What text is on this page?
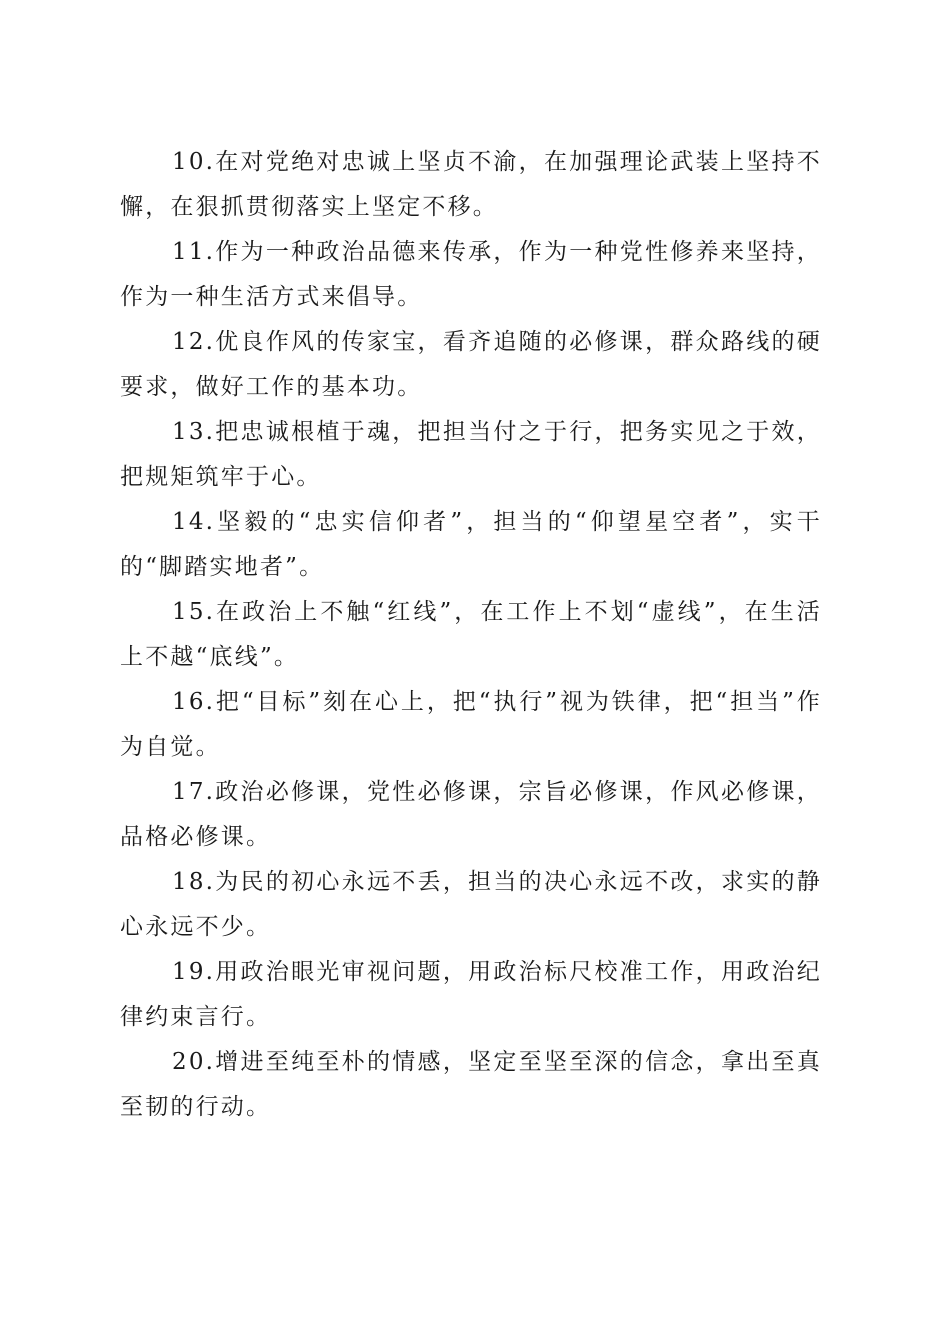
10.在对党绝对忠诚上坚贞不渝，在加强理论武装上坚持不懈，在狠抓贯彻落实上坚定不移。

11.作为一种政治品德来传承，作为一种党性修养来坚持，作为一种生活方式来倡导。

12.优良作风的传家宝，看齐追随的必修课，群众路线的硬要求，做好工作的基本功。

13.把忠诚根植于魂，把担当付之于行，把务实见之于效，把规矩筑牢于心。

14.坚毅的“忠实信仰者”，担当的“仰望星空者”，实干的“脚踏实地者”。

15.在政治上不触“红线”，在工作上不划“虚线”，在生活上不越“底线”。

16.把“目标”刻在心上，把“执行”视为铁律，把“担当”作为自觉。

17.政治必修课，党性必修课，宗旨必修课，作风必修课，品格必修课。

18.为民的初心永远不丢，担当的决心永远不改，求实的静心永远不少。

19.用政治眼光审视问题，用政治标尺校准工作，用政治纪律约束言行。

20.增进至纯至朴的情感，坚定至坚至深的信念，拿出至真至韧的行动。
